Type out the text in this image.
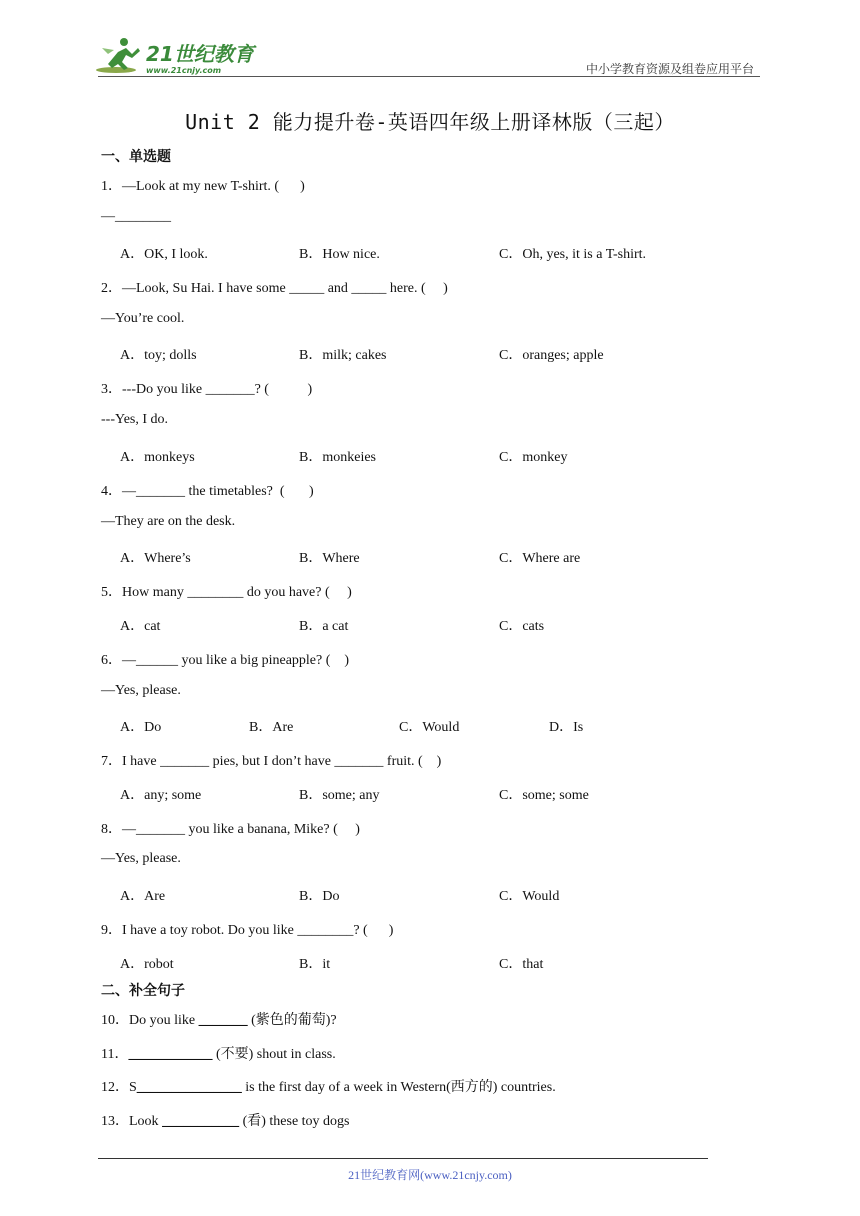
21世纪教育
www.21cnjy.com	中小学教育资源及组卷应用平台
Unit 2 能力提升卷-英语四年级上册译林版（三起）
一、单选题
1．—Look at my new T-shirt. (      )
—________
A．OK, I look.	B．How nice.	C．Oh, yes, it is a T-shirt.
2．—Look, Su Hai. I have some _____ and _____ here. (     )
—You’re cool.
A．toy; dolls	B．milk; cakes	C．oranges; apple
3．---Do you like _______? (           )
---Yes, I do.
A．monkeys	B．monkeies	C．monkey
4．—_______ the timetables?  (       )
—They are on the desk.
A．Where’s	B．Where	C．Where are
5．How many ________ do you have? (     )
A．cat	B．a cat	C．cats
6．—______ you like a big pineapple? (    )
—Yes, please.
A．Do	B．Are	C．Would	D．Is
7．I have _______ pies, but I don’t have _______ fruit. (    )
A．any; some	B．some; any	C．some; some
8．—_______ you like a banana, Mike? (     )
—Yes, please.
A．Are	B．Do	C．Would
9．I have a toy robot. Do you like ________? (      )
A．robot	B．it	C．that
二、补全句子
10．Do you like _______ (紫色的葡萄)?
11．____________ (不要) shout in class.
12．S_______________ is the first day of a week in Western(西方的) countries.
13．Look ___________ (看) these toy dogs
21世纪教育网(www.21cnjy.com)
